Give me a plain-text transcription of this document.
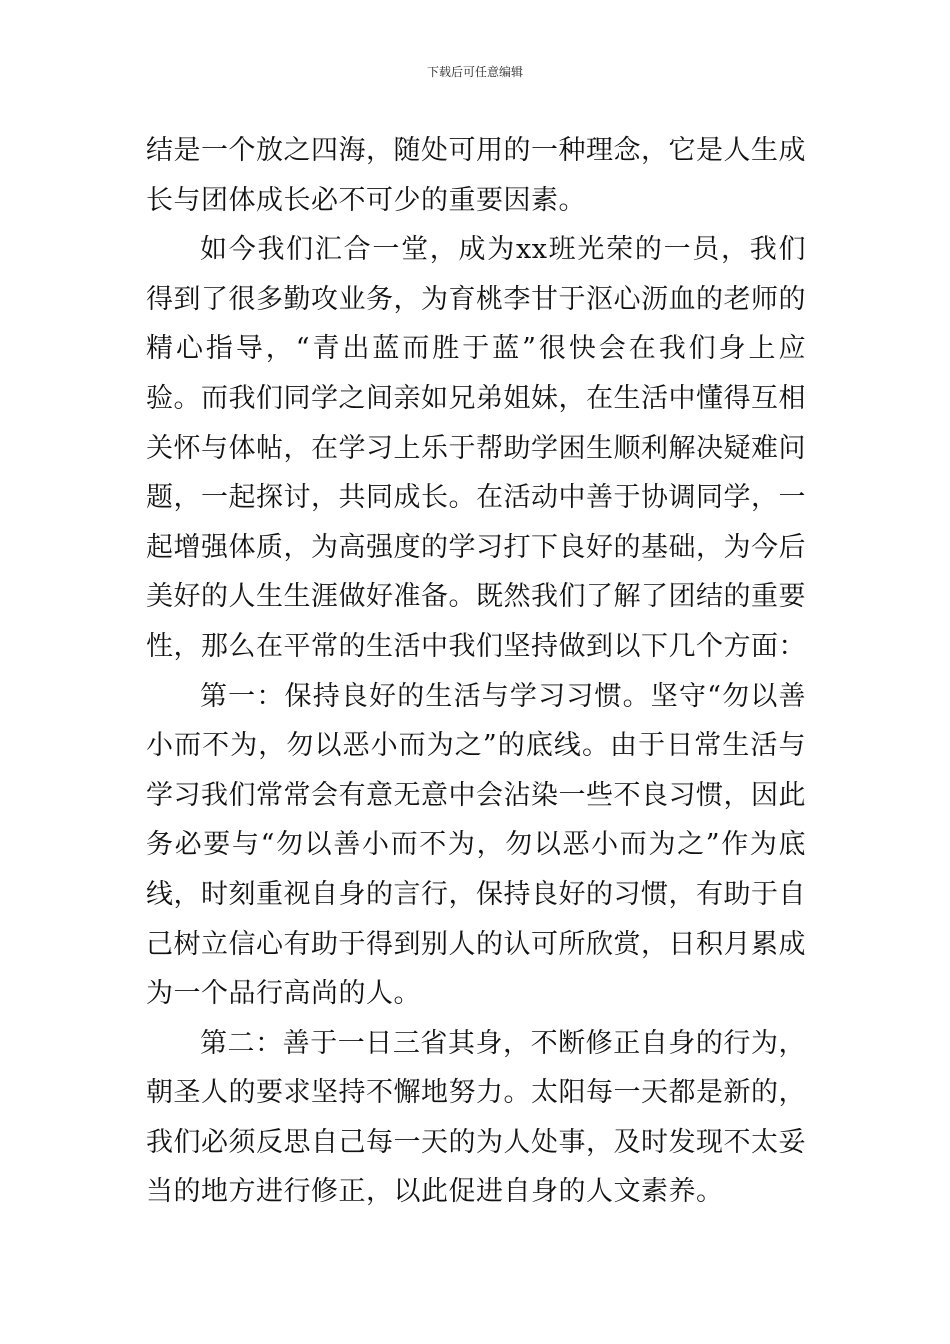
下载后可任意编辑

结是一个放之四海，随处可用的一种理念，它是人生成长与团体成长必不可少的重要因素。

如今我们汇合一堂，成为xx班光荣的一员，我们得到了很多勤攻业务，为育桃李甘于沤心沥血的老师的精心指导，“青出蓝而胜于蓝”很快会在我们身上应验。而我们同学之间亲如兄弟姐妹，在生活中懂得互相关怀与体帖，在学习上乐于帮助学困生顺利解决疑难问题，一起探讨，共同成长。在活动中善于协调同学，一起增强体质，为高强度的学习打下良好的基础，为今后美好的人生生涯做好准备。既然我们了解了团结的重要性，那么在平常的生活中我们坚持做到以下几个方面：

第一：保持良好的生活与学习习惯。坚守“勿以善小而不为，勿以恶小而为之”的底线。由于日常生活与学习我们常常会有意无意中会沾染一些不良习惯，因此务必要与“勿以善小而不为，勿以恶小而为之”作为底线，时刻重视自身的言行，保持良好的习惯，有助于自己树立信心有助于得到别人的认可所欣赏，日积月累成为一个品行高尚的人。

第二：善于一日三省其身，不断修正自身的行为，朝圣人的要求坚持不懈地努力。太阳每一天都是新的，我们必须反思自己每一天的为人处事，及时发现不太妥当的地方进行修正，以此促进自身的人文素养。
